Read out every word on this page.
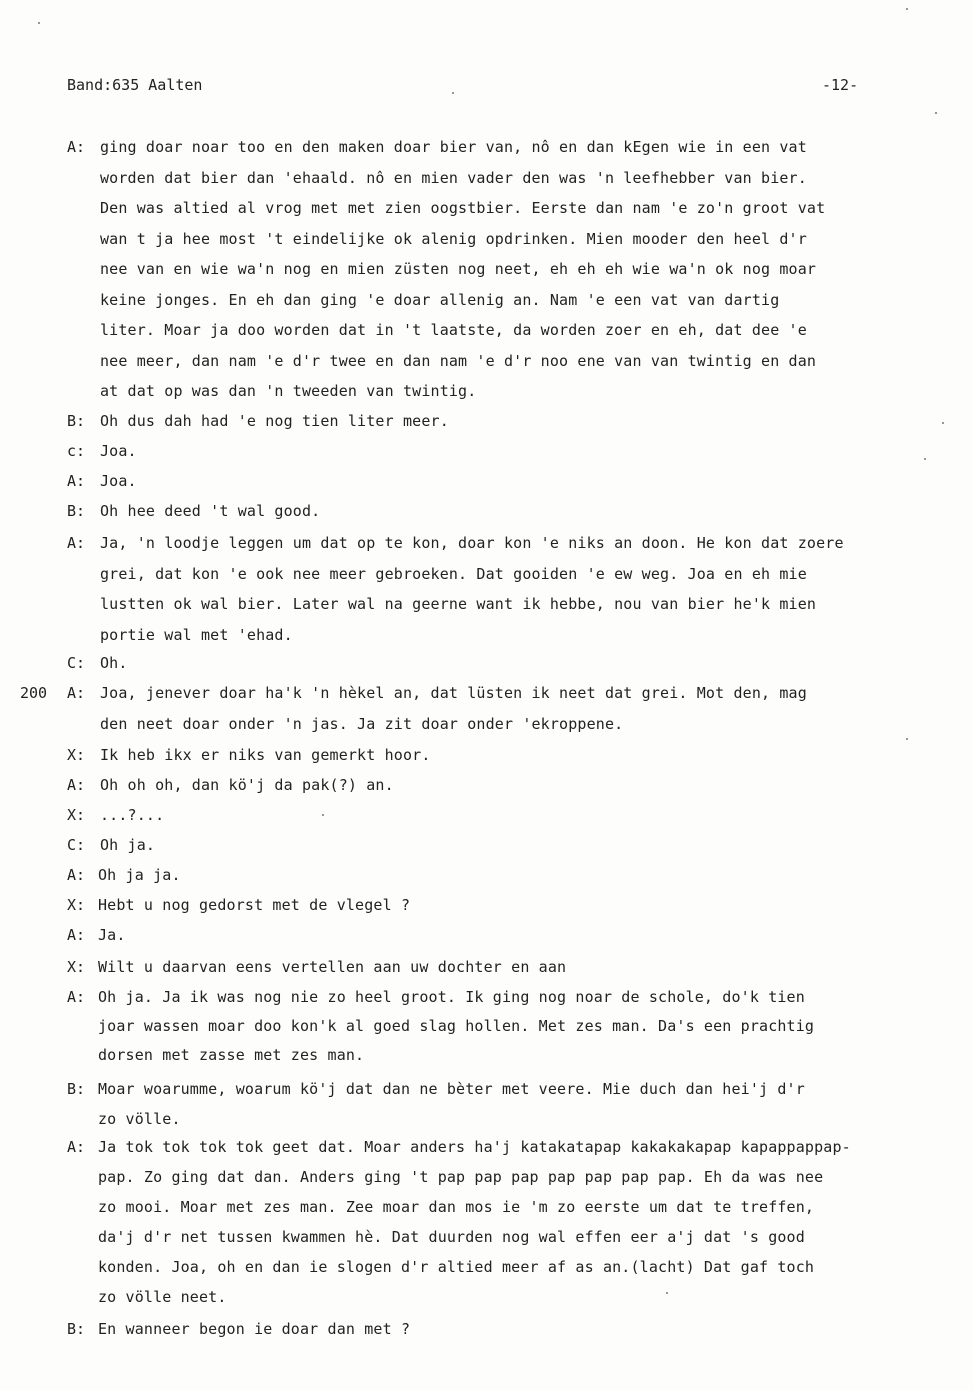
Band:635 Aalten	-12-
A: ging doar noar too en den maken doar bier van, nô en dan kEgen wie in een vat
worden dat bier dan 'ehaald. nô en mien vader den was 'n leefhebber van bier.
Den was altied al vrog met met zien oogstbier. Eerste dan nam 'e zo'n groot vat
wan t ja hee most 't eindelijke ok alenig opdrinken. Mien mooder den heel d'r
nee van en wie wa'n nog en mien züsten nog neet, eh eh eh wie wa'n ok nog moar
keine jonges. En eh dan ging 'e doar allenig an. Nam 'e een vat van dartig
liter. Moar ja doo worden dat in 't laatste, da worden zoer en eh, dat dee 'e
nee meer, dan nam 'e d'r twee en dan nam 'e d'r noo ene van van twintig en dan
at dat op was dan 'n tweeden van twintig.
B: Oh dus dah had 'e nog tien liter meer.
c: Joa.
A: Joa.
B: Oh hee deed 't wal good.
A: Ja, 'n loodje leggen um dat op te kon, doar kon 'e niks an doon. He kon dat zoere
grei, dat kon 'e ook nee meer gebroeken. Dat gooiden 'e ew weg. Joa en eh mie
lustten ok wal bier. Later wal na geerne want ik hebbe, nou van bier he'k mien
portie wal met 'ehad.
C: Oh.
200 A: Joa, jenever doar ha'k 'n hèkel an, dat lüsten ik neet dat grei. Mot den, mag
den neet doar onder 'n jas. Ja zit doar onder 'ekroppene.
X: Ik heb ikx er niks van gemerkt hoor.
A: Oh oh oh, dan kö'j da pak(?) an.
X: ...?...
C: Oh ja.
A: Oh ja ja.
X: Hebt u nog gedorst met de vlegel ?
A: Ja.
X: Wilt u daarvan eens vertellen aan uw dochter en aan
A: Oh ja. Ja ik was nog nie zo heel groot. Ik ging nog noar de schole, do'k tien
joar wassen moar doo kon'k al goed slag hollen. Met zes man. Da's een prachtig
dorsen met zasse met zes man.
B: Moar woarumme, woarum kö'j dat dan ne bèter met veere. Mie duch dan hei'j d'r
zo völle.
A: Ja tok tok tok tok geet dat. Moar anders ha'j katakatapap kakakakapap kapappappap-
pap. Zo ging dat dan. Anders ging 't pap pap pap pap pap pap pap. Eh da was nee
zo mooi. Moar met zes man. Zee moar dan mos ie 'm zo eerste um dat te treffen,
da'j d'r net tussen kwammen hè. Dat duurden nog wal effen eer a'j dat 's good
konden. Joa, oh en dan ie slogen d'r altied meer af as an.(lacht) Dat gaf toch
zo völle neet.
B: En wanneer begon ie doar dan met ?
